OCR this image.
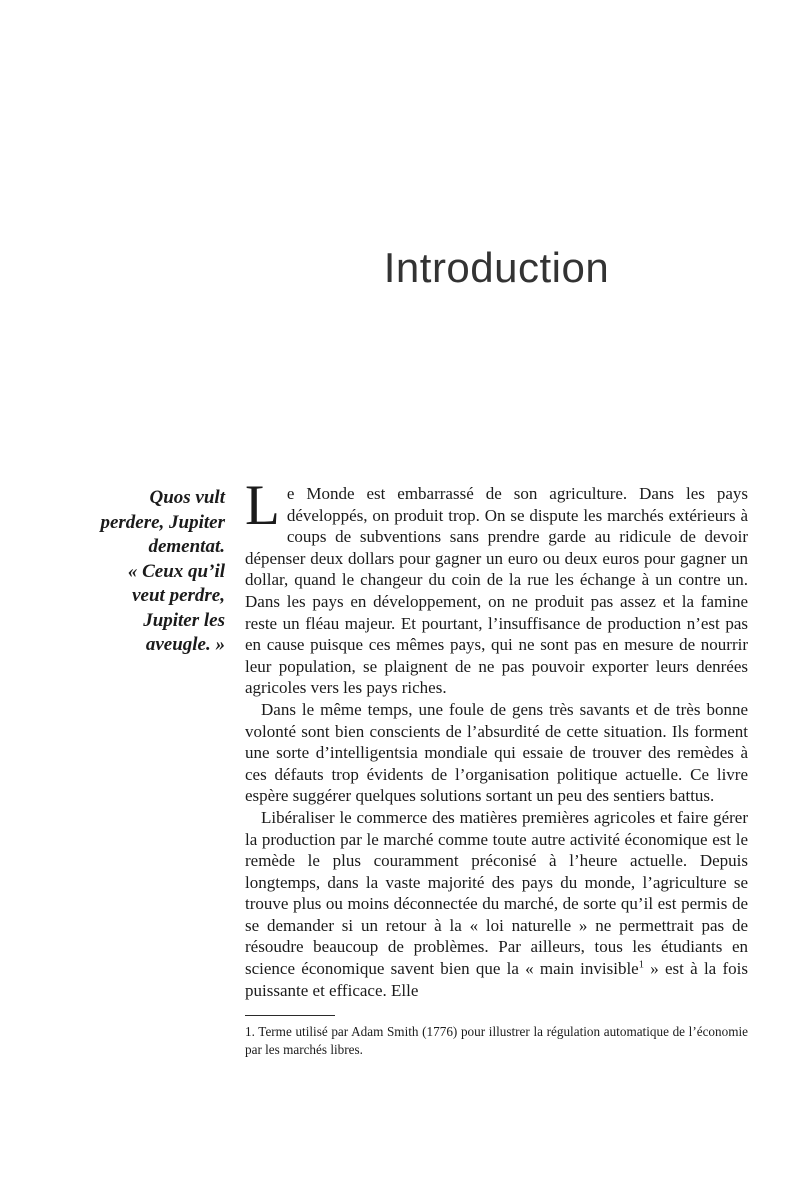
Introduction

Quos vult perdere, Jupiter dementat.

« Ceux qu’il veut perdre, Jupiter les aveugle. »

Le Monde est embarrassé de son agriculture. Dans les pays développés, on produit trop. On se dispute les marchés extérieurs à coups de subventions sans prendre garde au ridicule de devoir dépenser deux dollars pour gagner un euro ou deux euros pour gagner un dollar, quand le changeur du coin de la rue les échange à un contre un. Dans les pays en développement, on ne produit pas assez et la famine reste un fléau majeur. Et pourtant, l’insuffisance de production n’est pas en cause puisque ces mêmes pays, qui ne sont pas en mesure de nourrir leur population, se plaignent de ne pas pouvoir exporter leurs denrées agricoles vers les pays riches.

Dans le même temps, une foule de gens très savants et de très bonne volonté sont bien conscients de l’absurdité de cette situation. Ils forment une sorte d’intelligentsia mondiale qui essaie de trouver des remèdes à ces défauts trop évidents de l’organisation politique actuelle. Ce livre espère suggérer quelques solutions sortant un peu des sentiers battus.

Libéraliser le commerce des matières premières agricoles et faire gérer la production par le marché comme toute autre activité économique est le remède le plus couramment préconisé à l’heure actuelle. Depuis longtemps, dans la vaste majorité des pays du monde, l’agriculture se trouve plus ou moins déconnectée du marché, de sorte qu’il est permis de se demander si un retour à la « loi naturelle » ne permettrait pas de résoudre beaucoup de problèmes. Par ailleurs, tous les étudiants en science économique savent bien que la « main invisible$^1$ » est à la fois puissante et efficace. Elle

1. Terme utilisé par Adam Smith (1776) pour illustrer la régulation automatique de l’économie par les marchés libres.
